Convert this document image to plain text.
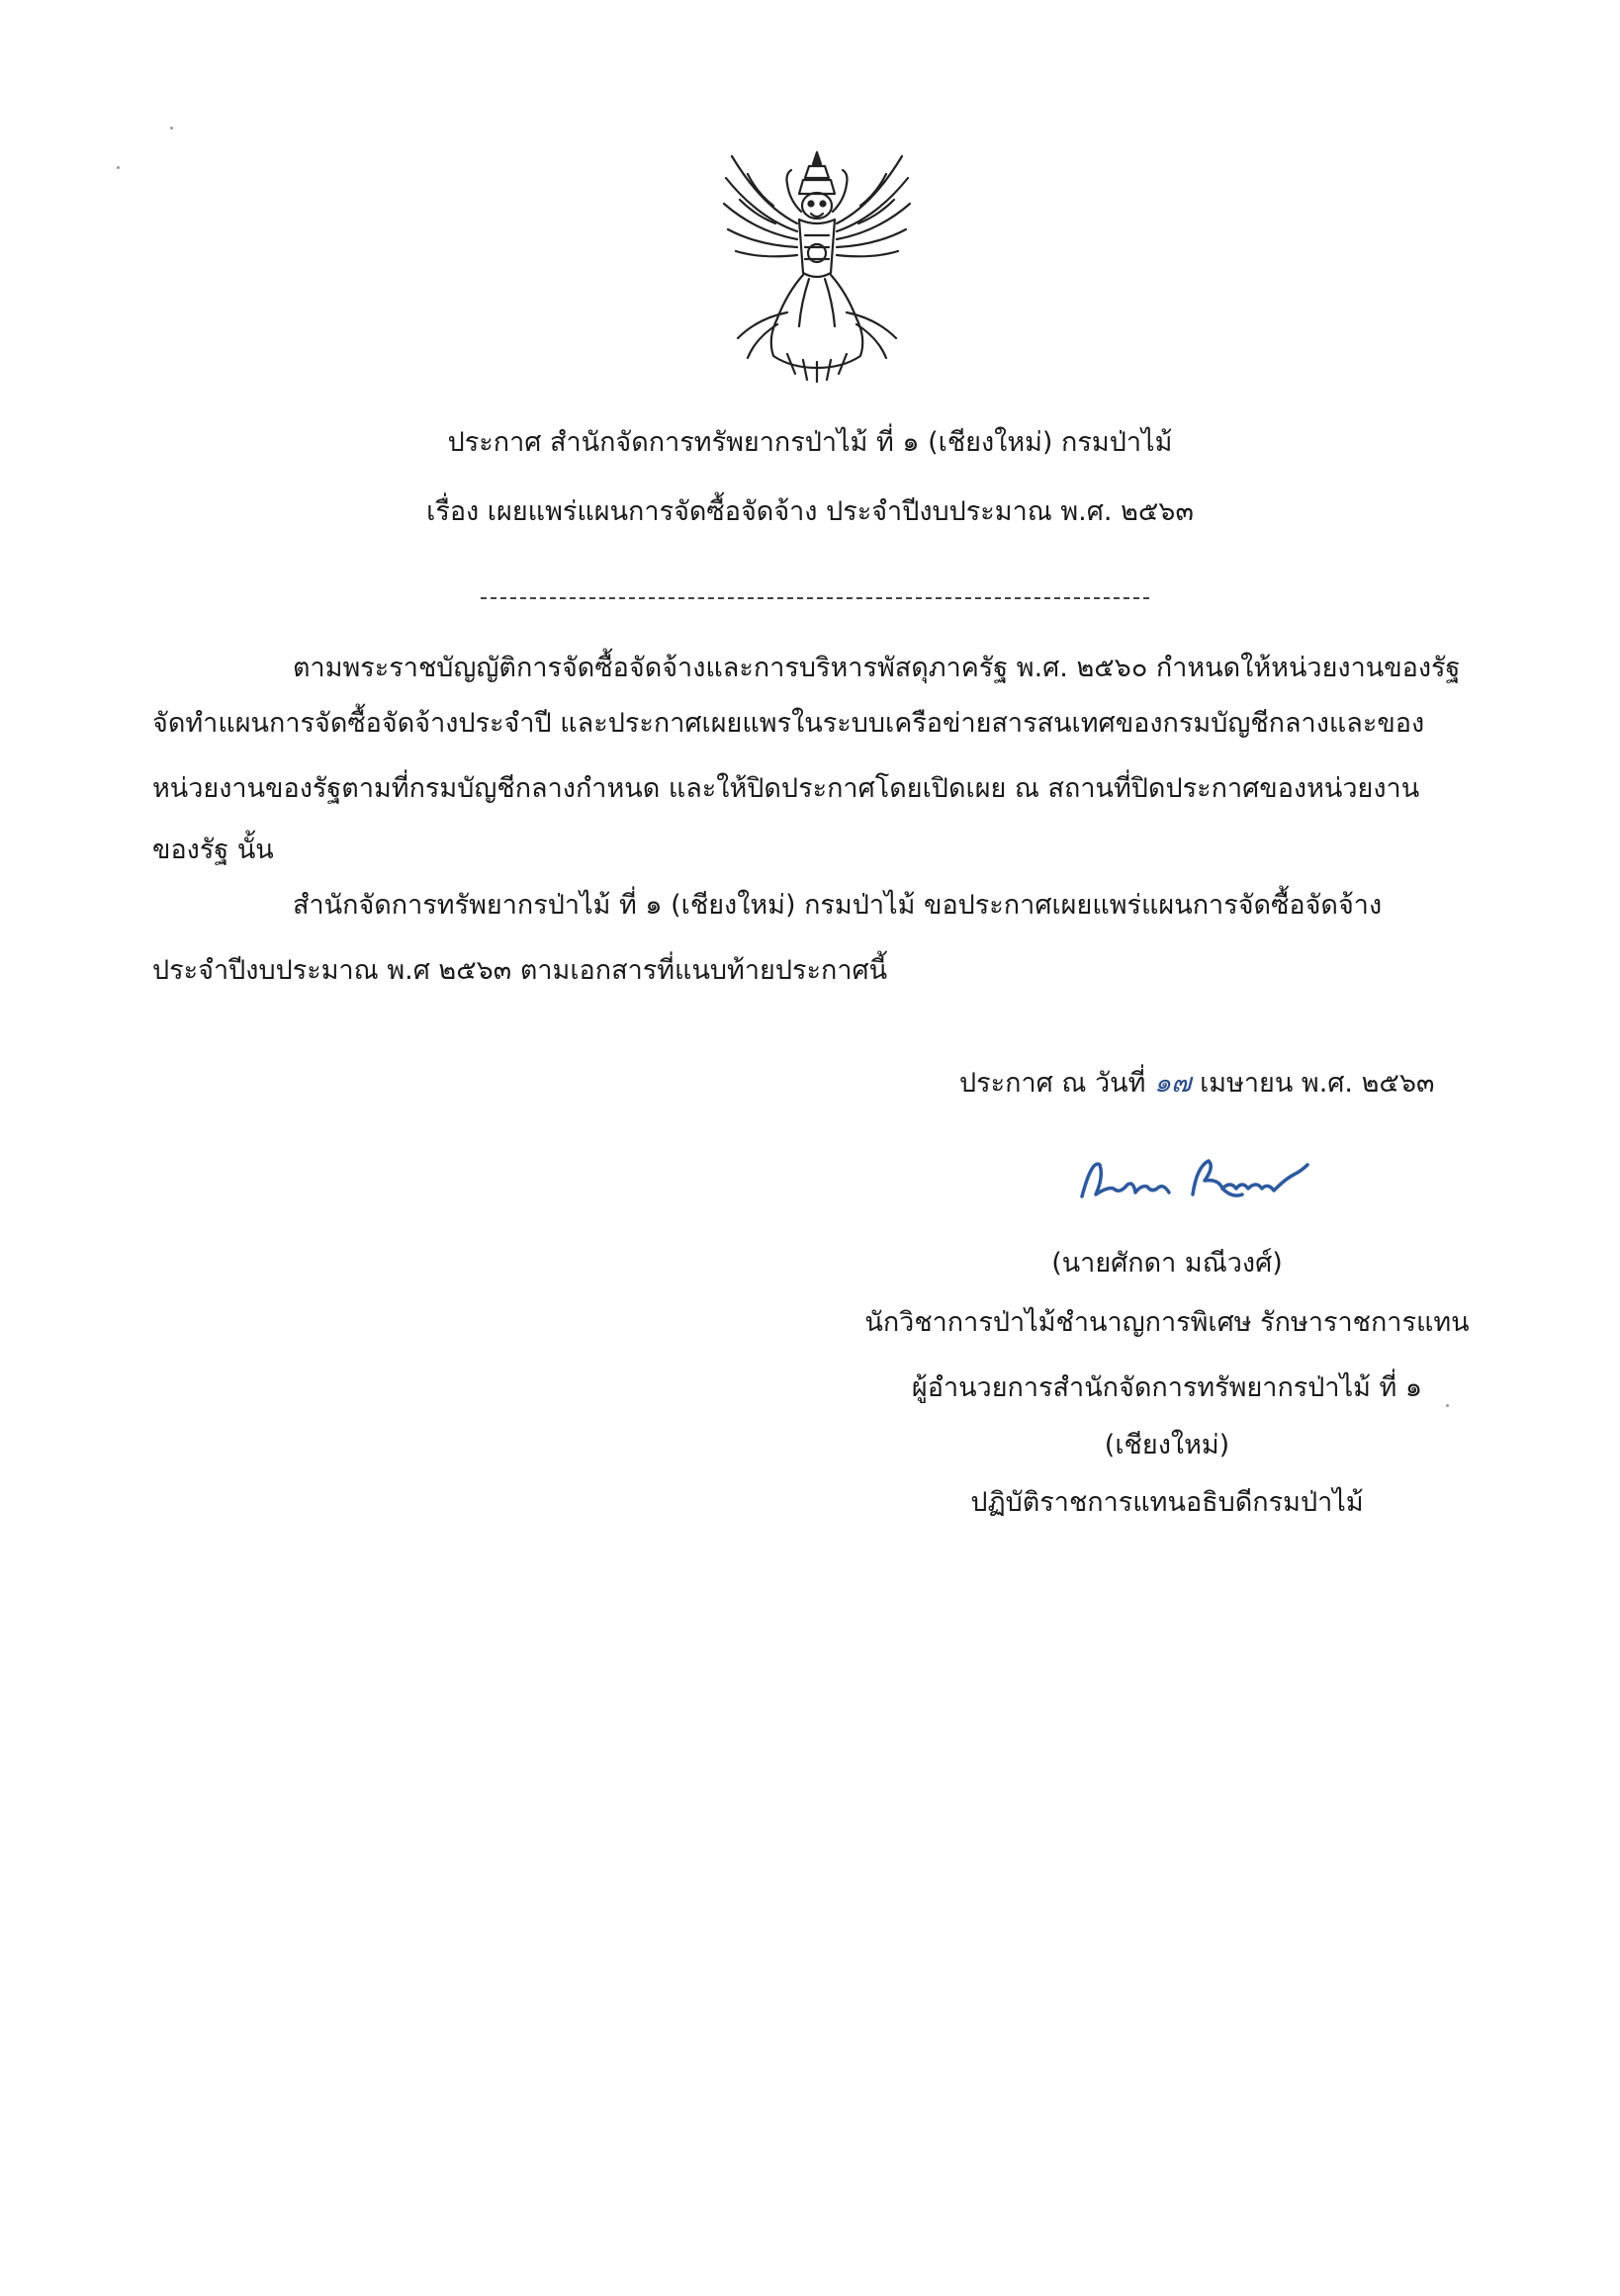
ประกาศ สำนักจัดการทรัพยากรป่าไม้ ที่ ๑ (เชียงใหม่) กรมป่าไม้
เรื่อง เผยแพร่แผนการจัดซื้อจัดจ้าง ประจำปีงบประมาณ พ.ศ. ๒๕๖๓
ตามพระราชบัญญัติการจัดซื้อจัดจ้างและการบริหารพัสดุภาครัฐ พ.ศ. ๒๕๖๐ กำหนดให้หน่วยงานของรัฐ
จัดทำแผนการจัดซื้อจัดจ้างประจำปี และประกาศเผยแพรในระบบเครือข่ายสารสนเทศของกรมบัญชีกลางและของ
หน่วยงานของรัฐตามที่กรมบัญชีกลางกำหนด และให้ปิดประกาศโดยเปิดเผย ณ สถานที่ปิดประกาศของหน่วยงาน
ของรัฐ นั้น
สำนักจัดการทรัพยากรป่าไม้ ที่ ๑ (เชียงใหม่) กรมป่าไม้ ขอประกาศเผยแพร่แผนการจัดซื้อจัดจ้าง
ประจำปีงบประมาณ พ.ศ ๒๕๖๓ ตามเอกสารที่แนบท้ายประกาศนี้
ประกาศ ณ วันที่ ๑๗ เมษายน พ.ศ. ๒๕๖๓
(นายศักดา มณีวงศ์)
นักวิชาการป่าไม้ชำนาญการพิเศษ รักษาราชการแทน
ผู้อำนวยการสำนักจัดการทรัพยากรป่าไม้ ที่ ๑
(เชียงใหม่)
ปฏิบัติราชการแทนอธิบดีกรมป่าไม้
